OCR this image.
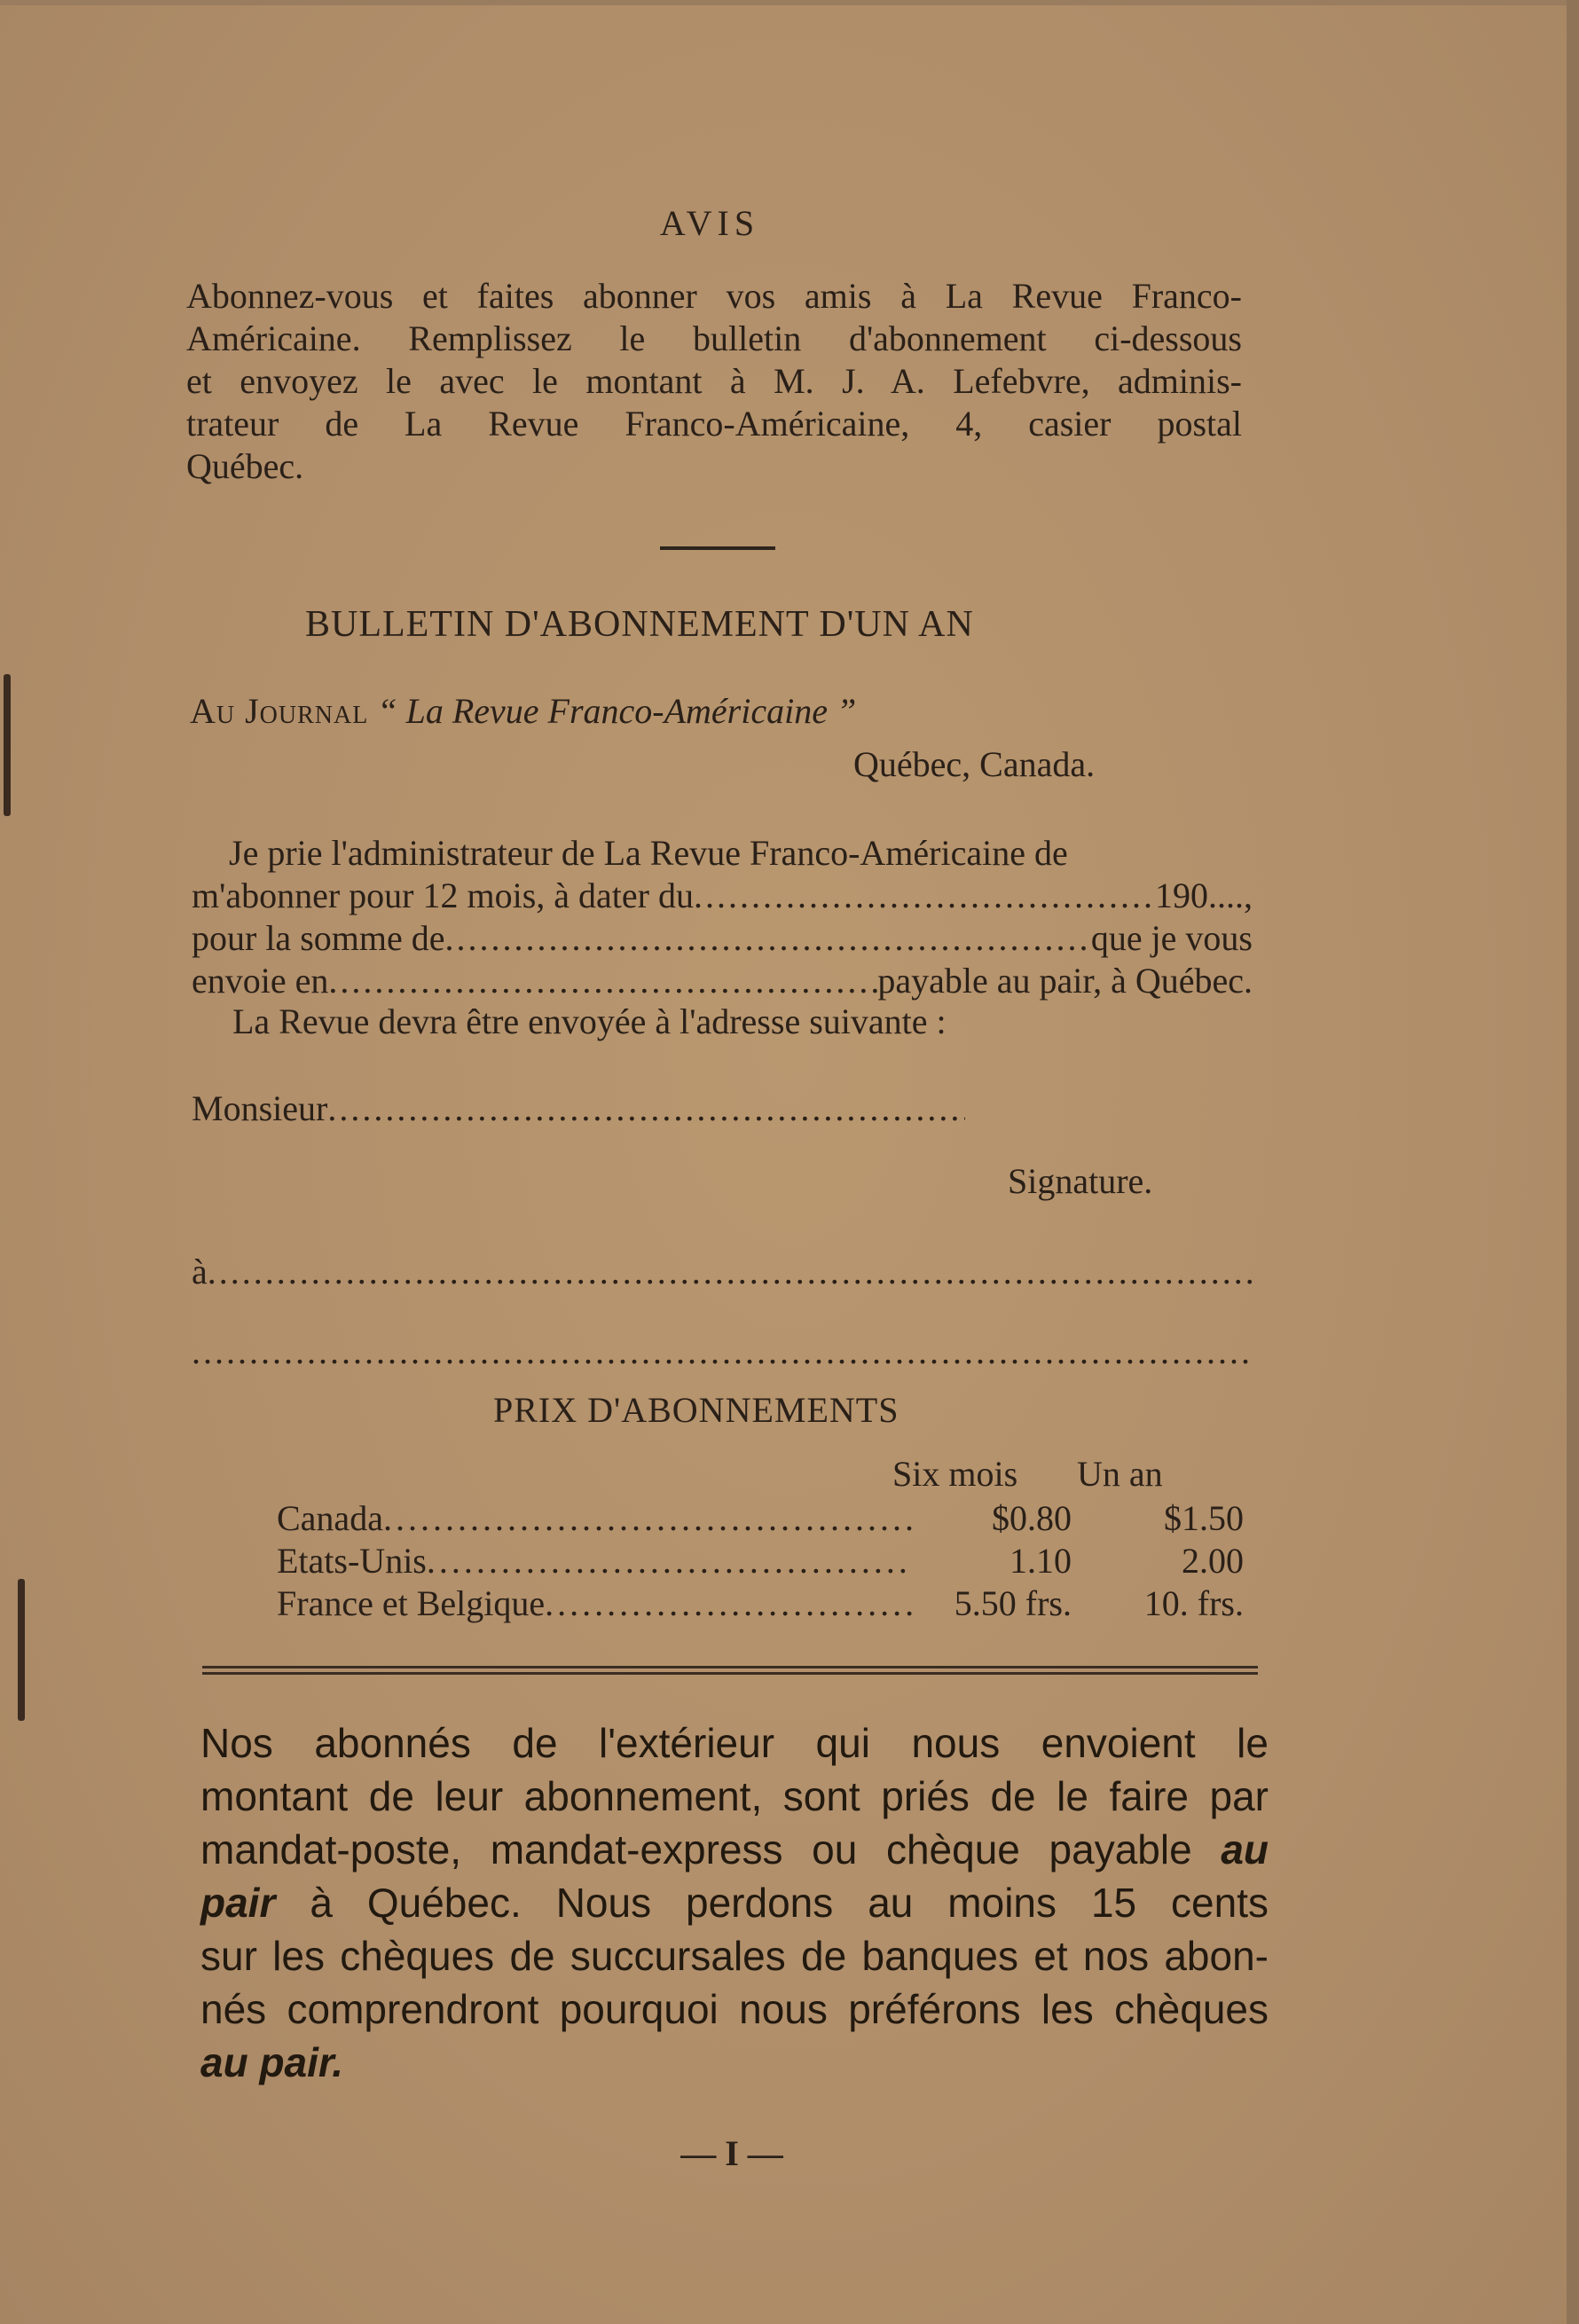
AVIS
Abonnez-vous et faites abonner vos amis à La Revue Franco-
Américaine. Remplissez le bulletin d'abonnement ci-dessous
et envoyez le avec le montant à M. J. A. Lefebvre, adminis-
trateur de La Revue Franco-Américaine, 4, casier postal
Québec.
BULLETIN D'ABONNEMENT D'UN AN
Au Journal “ La Revue Franco-Américaine ”
Québec, Canada.
Je prie l'administrateur de La Revue Franco-Américaine de
m'abonner pour 12 mois, à dater du .....	190....,
pour la somme de .....	que je vous
envoie en .....	payable au pair, à Québec.
La Revue devra être envoyée à l'adresse suivante :
Monsieur
.....
Signature.
à
.....
.....
PRIX D'ABONNEMENTS
Six mois Un an
Canada .....	$0.80	$1.50
Etats-Unis .....	1.10	2.00
France et Belgique .....	5.50 frs.	10. frs.
Nos abonnés de l'extérieur qui nous envoient le
montant de leur abonnement, sont priés de le faire par
mandat-poste, mandat-express ou chèque payable au
pair à Québec. Nous perdons au moins 15 cents
sur les chèques de succursales de banques et nos abon-
nés comprendront pourquoi nous préférons les chèques
au pair.
— I —
